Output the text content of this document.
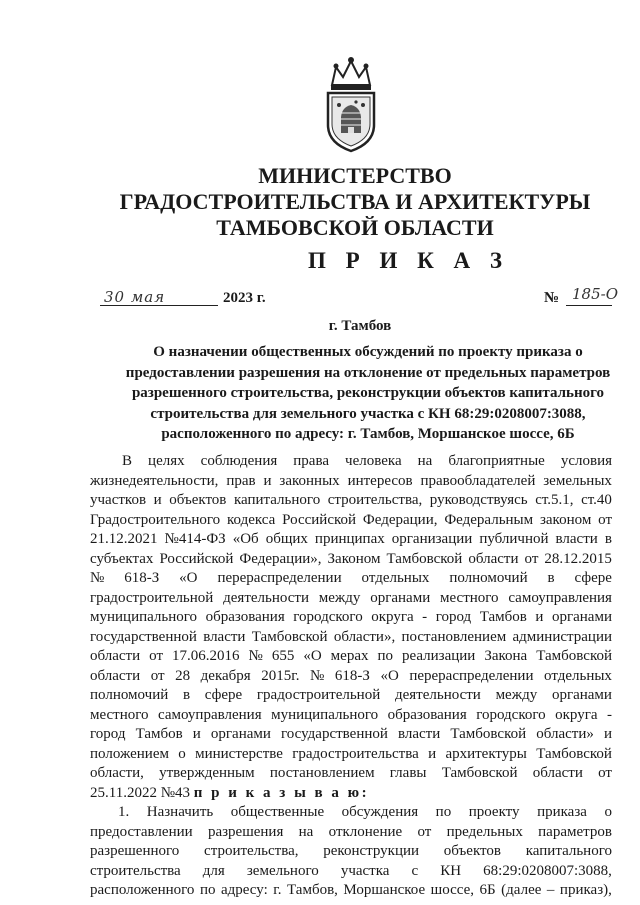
МИНИСТЕРСТВО
ГРАДОСТРОИТЕЛЬСТВА И АРХИТЕКТУРЫ
ТАМБОВСКОЙ ОБЛАСТИ
П Р И К А З
30 мая	2023 г.	№ 185-О
г. Тамбов
О назначении общественных обсуждений по проекту приказа о
предоставлении разрешения на отклонение от предельных параметров
разрешенного строительства, реконструкции объектов капитального
строительства для земельного участка с КН 68:29:0208007:3088,
расположенного по адресу: г. Тамбов, Моршанское шоссе, 6Б
В целях соблюдения права человека на благоприятные условия
жизнедеятельности, прав и законных интересов правообладателей земельных
участков и объектов капитального строительства, руководствуясь ст.5.1, ст.40
Градостроительного кодекса Российской Федерации, Федеральным законом от
21.12.2021 №414-ФЗ «Об общих принципах организации публичной власти в
субъектах Российской Федерации», Законом Тамбовской области от 28.12.2015
№ 618-З «О перераспределении отдельных полномочий в сфере
градостроительной деятельности между органами местного самоуправления
муниципального образования городского округа - город Тамбов и органами
государственной власти Тамбовской области», постановлением администрации
области от 17.06.2016 № 655 «О мерах по реализации Закона Тамбовской
области от 28 декабря 2015г. № 618-З «О перераспределении отдельных
полномочий в сфере градостроительной деятельности между органами
местного самоуправления муниципального образования городского округа -
город Тамбов и органами государственной власти Тамбовской области» и
положением о министерстве градостроительства и архитектуры Тамбовской
области, утвержденным постановлением главы Тамбовской области от
25.11.2022 №43
п р и к а з ы в а ю:
1. Назначить общественные обсуждения по проекту приказа о
предоставлении разрешения на отклонение от предельных параметров
разрешенного строительства, реконструкции объектов капитального
строительства для земельного участка с КН 68:29:0208007:3088,
расположенного по адресу: г. Тамбов, Моршанское шоссе, 6Б (далее – приказ),
